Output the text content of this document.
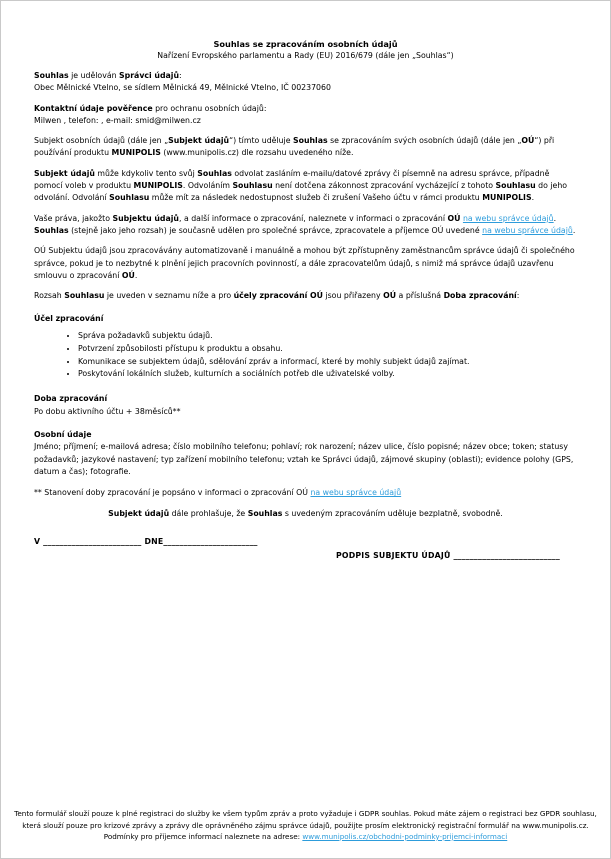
Souhlas se zpracováním osobních údajů
Nařízení Evropského parlamentu a Rady (EU) 2016/679 (dále jen „Souhlas“)

Souhlas je udělován Správci údajů:
Obec Mělnické Vtelno, se sídlem Mělnická 49, Mělnické Vtelno, IČ 00237060

Kontaktní údaje pověřence pro ochranu osobních údajů:
Milwen , telefon: , e-mail: smid@milwen.cz

Subjekt osobních údajů (dále jen „Subjekt údajů“) tímto uděluje Souhlas se zpracováním svých osobních údajů (dále jen „OÚ“) při používání produktu MUNIPOLIS (www.munipolis.cz) dle rozsahu uvedeného níže.

Subjekt údajů může kdykoliv tento svůj Souhlas odvolat zasláním e-mailu/datové zprávy či písemně na adresu správce, případně pomocí voleb v produktu MUNIPOLIS. Odvoláním Souhlasu není dotčena zákonnost zpracování vycházející z tohoto Souhlasu do jeho odvolání. Odvolání Souhlasu může mít za následek nedostupnost služeb či zrušení Vašeho účtu v rámci produktu MUNIPOLIS.

Vaše práva, jakožto Subjektu údajů, a další informace o zpracování, naleznete v informaci o zpracování OÚ na webu správce údajů. Souhlas (stejně jako jeho rozsah) je současně udělen pro společné správce, zpracovatele a příjemce OÚ uvedené na webu správce údajů.

OÚ Subjektu údajů jsou zpracovávány automatizovaně i manuálně a mohou být zpřístupněny zaměstnancům správce údajů či společného správce, pokud je to nezbytné k plnění jejich pracovních povinností, a dále zpracovatelům údajů, s nimiž má správce údajů uzavřenu smlouvu o zpracování OÚ.

Rozsah Souhlasu je uveden v seznamu níže a pro účely zpracování OÚ jsou přiřazeny OÚ a příslušná Doba zpracování:

Účel zpracování
• Správa požadavků subjektu údajů.
• Potvrzení způsobilosti přístupu k produktu a obsahu.
• Komunikace se subjektem údajů, sdělování zpráv a informací, které by mohly subjekt údajů zajímat.
• Poskytování lokálních služeb, kulturních a sociálních potřeb dle uživatelské volby.
Doba zpracování
Po dobu aktivního účtu + 38měsíců**
Osobní údaje
Jméno; příjmení; e-mailová adresa; číslo mobilního telefonu; pohlaví; rok narození; název ulice, číslo popisné; název obce; token; statusy požadavků; jazykové nastavení; typ zařízení mobilního telefonu; vztah ke Správci údajů, zájmové skupiny (oblasti); evidence polohy (GPS, datum a čas); fotografie.

** Stanovení doby zpracování je popsáno v informaci o zpracování OÚ na webu správce údajů

Subjekt údajů dále prohlašuje, že Souhlas s uvedeným zpracováním uděluje bezplatně, svobodně.

V ________________________ DNE_______________________
PODPIS SUBJEKTU ÚDAJŮ __________________________
Tento formulář slouží pouze k plné registraci do služby ke všem typům zpráv a proto vyžaduje i GDPR souhlas. Pokud máte zájem o registraci bez GPDR souhlasu, která slouží pouze pro krizové zprávy a zprávy dle oprávněného zájmu správce údajů, použijte prosím elektronický registrační formulář na www.munipolis.cz.
Podmínky pro příjemce informací naleznete na adrese: www.munipolis.cz/obchodni-podminky-prijemci-informaci
